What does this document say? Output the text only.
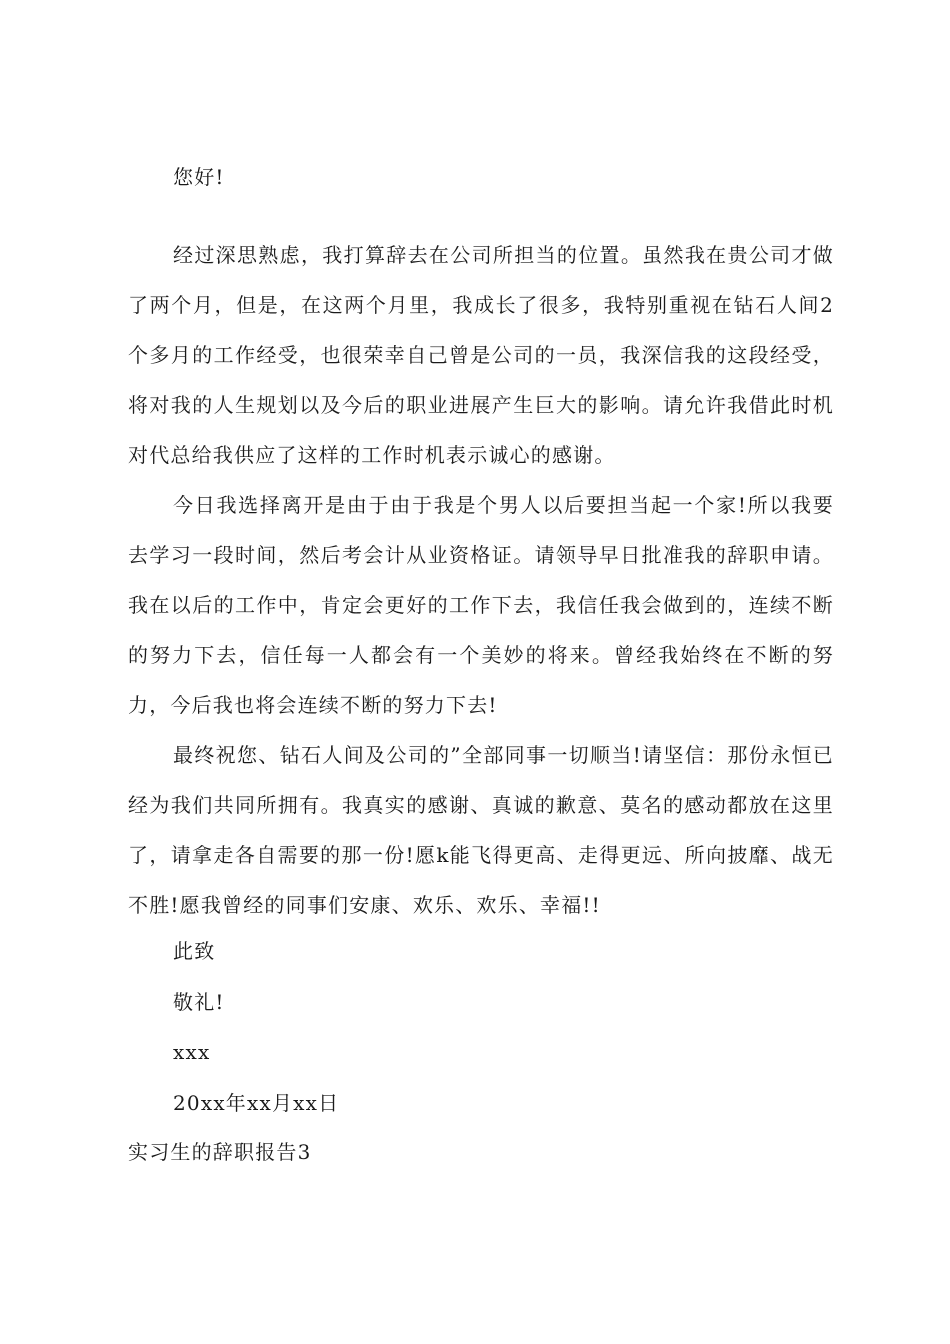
您好!

经过深思熟虑，我打算辞去在公司所担当的位置。虽然我在贵公司才做了两个月，但是，在这两个月里，我成长了很多，我特别重视在钻石人间2个多月的工作经受，也很荣幸自己曾是公司的一员，我深信我的这段经受，将对我的人生规划以及今后的职业进展产生巨大的影响。请允许我借此时机对代总给我供应了这样的工作时机表示诚心的感谢。

今日我选择离开是由于由于我是个男人以后要担当起一个家!所以我要去学习一段时间，然后考会计从业资格证。请领导早日批准我的辞职申请。我在以后的工作中，肯定会更好的工作下去，我信任我会做到的，连续不断的努力下去，信任每一人都会有一个美妙的将来。曾经我始终在不断的努力，今后我也将会连续不断的努力下去!

最终祝您、钻石人间及公司的”全部同事一切顺当!请坚信：那份永恒已经为我们共同所拥有。我真实的感谢、真诚的歉意、莫名的感动都放在这里了，请拿走各自需要的那一份!愿k能飞得更高、走得更远、所向披靡、战无不胜!愿我曾经的同事们安康、欢乐、欢乐、幸福!!

此致

敬礼!

xxx

20xx年xx月xx日

实习生的辞职报告3
